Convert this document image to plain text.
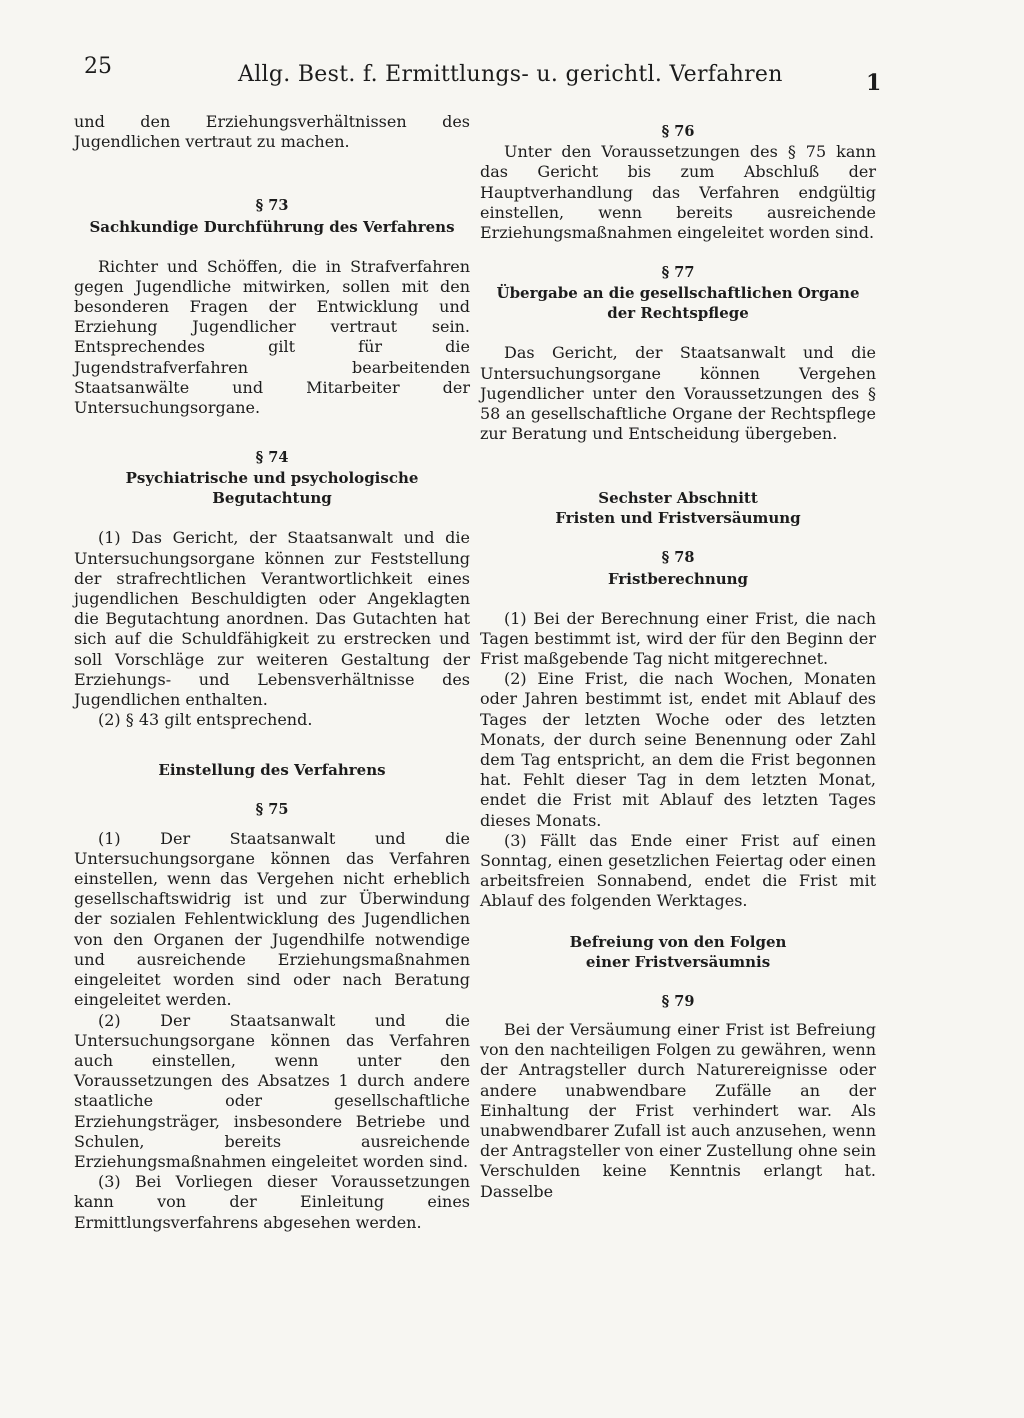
25	Allg. Best. f. Ermittlungs- u. gerichtl. Verfahren	1

und den Erziehungsverhältnissen des Jugendlichen vertraut zu machen.

§ 73
Sachkundige Durchführung des Verfahrens

Richter und Schöffen, die in Strafverfahren gegen Jugendliche mitwirken, sollen mit den besonderen Fragen der Entwicklung und Erziehung Jugendlicher vertraut sein. Entsprechendes gilt für die Jugendstrafverfahren bearbeitenden Staatsanwälte und Mitarbeiter der Untersuchungsorgane.

§ 74
Psychiatrische und psychologische
Begutachtung

(1) Das Gericht, der Staatsanwalt und die Untersuchungsorgane können zur Feststellung der strafrechtlichen Verantwortlichkeit eines jugendlichen Beschuldigten oder Angeklagten die Begutachtung anordnen. Das Gutachten hat sich auf die Schuldfähigkeit zu erstrecken und soll Vorschläge zur weiteren Gestaltung der Erziehungs- und Lebensverhältnisse des Jugendlichen enthalten.

(2) § 43 gilt entsprechend.

Einstellung des Verfahrens
§ 75

(1) Der Staatsanwalt und die Untersuchungsorgane können das Verfahren einstellen, wenn das Vergehen nicht erheblich gesellschaftswidrig ist und zur Überwindung der sozialen Fehlentwicklung des Jugendlichen von den Organen der Jugendhilfe notwendige und ausreichende Erziehungsmaßnahmen eingeleitet worden sind oder nach Beratung eingeleitet werden.

(2) Der Staatsanwalt und die Untersuchungsorgane können das Verfahren auch einstellen, wenn unter den Voraussetzungen des Absatzes 1 durch andere staatliche oder gesellschaftliche Erziehungsträger, insbesondere Betriebe und Schulen, bereits ausreichende Erziehungsmaßnahmen eingeleitet worden sind.

(3) Bei Vorliegen dieser Voraussetzungen kann von der Einleitung eines Ermittlungsverfahrens abgesehen werden.

§ 76

Unter den Voraussetzungen des § 75 kann das Gericht bis zum Abschluß der Hauptverhandlung das Verfahren endgültig einstellen, wenn bereits ausreichende Erziehungsmaßnahmen eingeleitet worden sind.

§ 77
Übergabe an die gesellschaftlichen Organe
der Rechtspflege

Das Gericht, der Staatsanwalt und die Untersuchungsorgane können Vergehen Jugendlicher unter den Voraussetzungen des § 58 an gesellschaftliche Organe der Rechtspflege zur Beratung und Entscheidung übergeben.

Sechster Abschnitt
Fristen und Fristversäumung
§ 78
Fristberechnung

(1) Bei der Berechnung einer Frist, die nach Tagen bestimmt ist, wird der für den Beginn der Frist maßgebende Tag nicht mitgerechnet.

(2) Eine Frist, die nach Wochen, Monaten oder Jahren bestimmt ist, endet mit Ablauf des Tages der letzten Woche oder des letzten Monats, der durch seine Benennung oder Zahl dem Tag entspricht, an dem die Frist begonnen hat. Fehlt dieser Tag in dem letzten Monat, endet die Frist mit Ablauf des letzten Tages dieses Monats.

(3) Fällt das Ende einer Frist auf einen Sonntag, einen gesetzlichen Feiertag oder einen arbeitsfreien Sonnabend, endet die Frist mit Ablauf des folgenden Werktages.

Befreiung von den Folgen
einer Fristversäumnis
§ 79

Bei der Versäumung einer Frist ist Befreiung von den nachteiligen Folgen zu gewähren, wenn der Antragsteller durch Naturereignisse oder andere unabwendbare Zufälle an der Einhaltung der Frist verhindert war. Als unabwendbarer Zufall ist auch anzusehen, wenn der Antragsteller von einer Zustellung ohne sein Verschulden keine Kenntnis erlangt hat. Dasselbe
